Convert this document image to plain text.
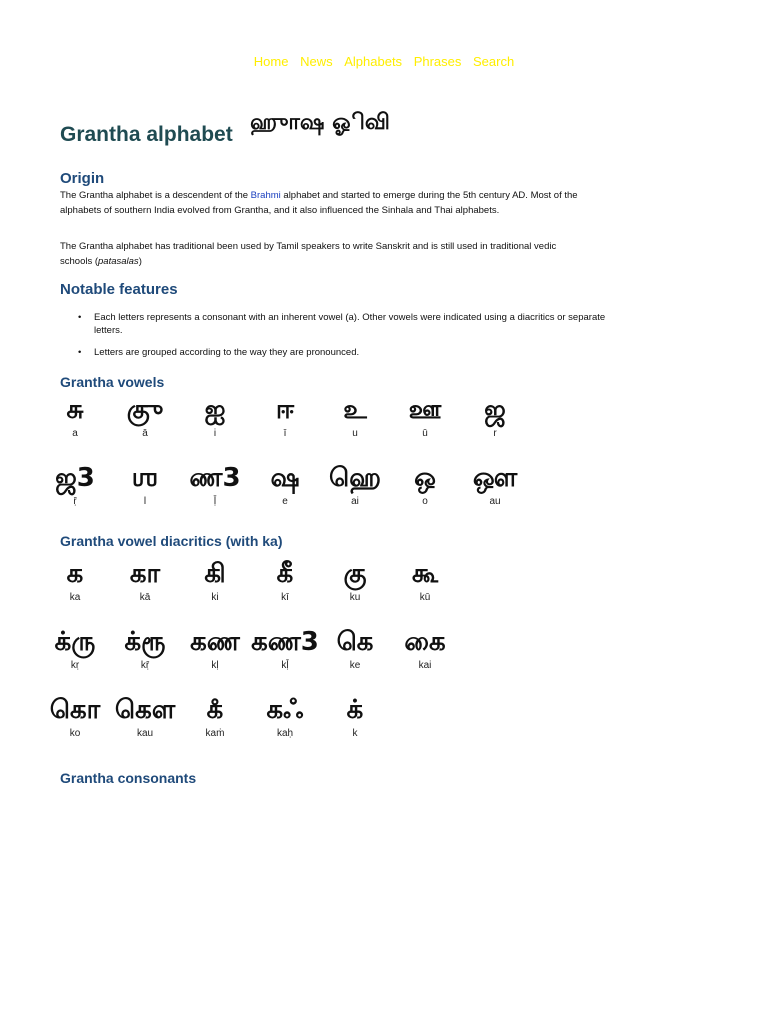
Home News Alphabets Phrases Search
Grantha alphabet ஹுாஷ ஓிவி
Origin

The Grantha alphabet is a descendent of the Brahmi alphabet and started to emerge during the 5th century AD. Most of the alphabets of southern India evolved from Grantha, and it also influenced the Sinhala and Thai alphabets.

The Grantha alphabet has traditional been used by Tamil speakers to write Sanskrit and is still used in traditional vedic schools (patasalas)

Notable features
• Each letters represents a consonant with an inherent vowel (a). Other vowels were indicated using a diacritics or separate letters.
• Letters are grouped according to the way they are pronounced.
Grantha vowels
சு
a
குு
ā
ஐ
i
ஈ
ī
உ
u
ஊ
ū
ஜ
r
ஜ3
ṝ
ஶ
l
ண3
ḹ
ஷ
e
ஹெ
ai
ஒ
o
ஔ
au
Grantha vowel diacritics (with ka)
க
ka
கா
kā
கி
ki
கீ
kī
கு
ku
கூ
kū
க்ரு
kṛ
க்ரூ
kṝ
கண
kḷ
கண3
kḹ
கெ
ke
கை
kai
கொ
ko
கௌ
kau
கஂ
kaṁ
கஃ
kaḥ
க்
k
Grantha consonants
